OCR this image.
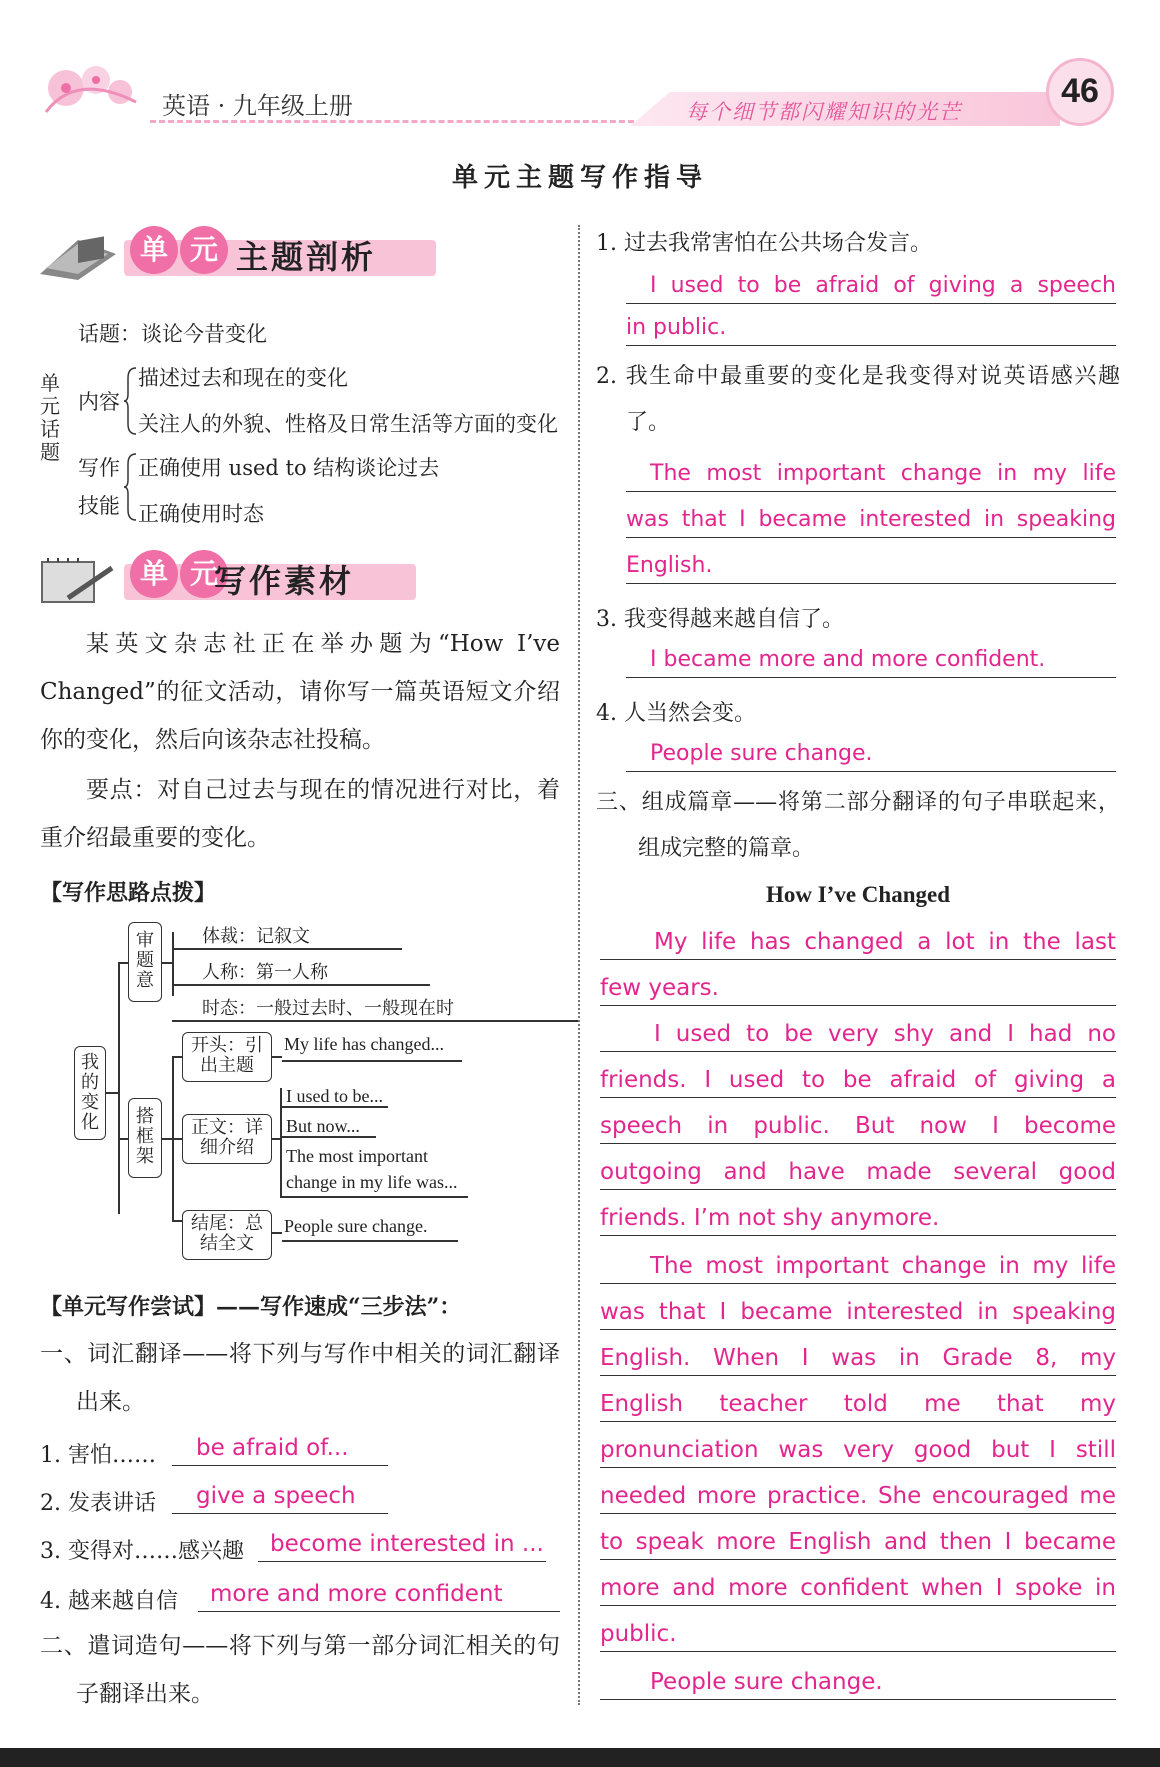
英语 · 九年级上册	每个细节都闪耀知识的光芒
46
单元主题写作指导
单 元 主题剖析
话题：谈论今昔变化
单元话题
内容
描述过去和现在的变化
关注人的外貌、性格及日常生活等方面的变化
写作
技能
正确使用 used to 结构谈论过去
正确使用时态
单 元
写作素材
某英文杂志社正在举办题为“How I’ve Changed”的征文活动，请你写一篇英语短文介绍你的变化，然后向该杂志社投稿。
要点：对自己过去与现在的情况进行对比，着重介绍最重要的变化。
【写作思路点拨】
我的变化
审题意
体裁：记叙文
人称：第一人称
时态：一般过去时、一般现在时
搭框架
开头：引出主题
My life has changed...
正文：详细介绍
I used to be...
But now...
The most important
change in my life was...
结尾：总结全文
People sure change.
【单元写作尝试】——写作速成“三步法”：
一、词汇翻译——将下列与写作中相关的词汇翻译出来。
1. 害怕……	be afraid of...
2. 发表讲话	give a speech
3. 变得对……感兴趣	become interested in ...
4. 越来越自信	more and more confident
二、遣词造句——将下列与第一部分词汇相关的句子翻译出来。
1. 过去我常害怕在公共场合发言。
I used to be afraid of giving a speech
in public.
2. 我生命中最重要的变化是我变得对说英语感兴趣了。
The most important change in my life
was that I became interested in speaking
English.
3. 我变得越来越自信了。
I became more and more confident.
4. 人当然会变。
People sure change.
三、组成篇章——将第二部分翻译的句子串联起来，组成完整的篇章。
How I’ve Changed
My life has changed a lot in the last
few years.
I used to be very shy and I had no
friends. I used to be afraid of giving a
speech in public. But now I become
outgoing and have made several good
friends. I’m not shy anymore.
The most important change in my life
was that I became interested in speaking
English. When I was in Grade 8, my
English teacher told me that my
pronunciation was very good but I still
needed more practice. She encouraged me
to speak more English and then I became
more and more confident when I spoke in
public.
People sure change.
